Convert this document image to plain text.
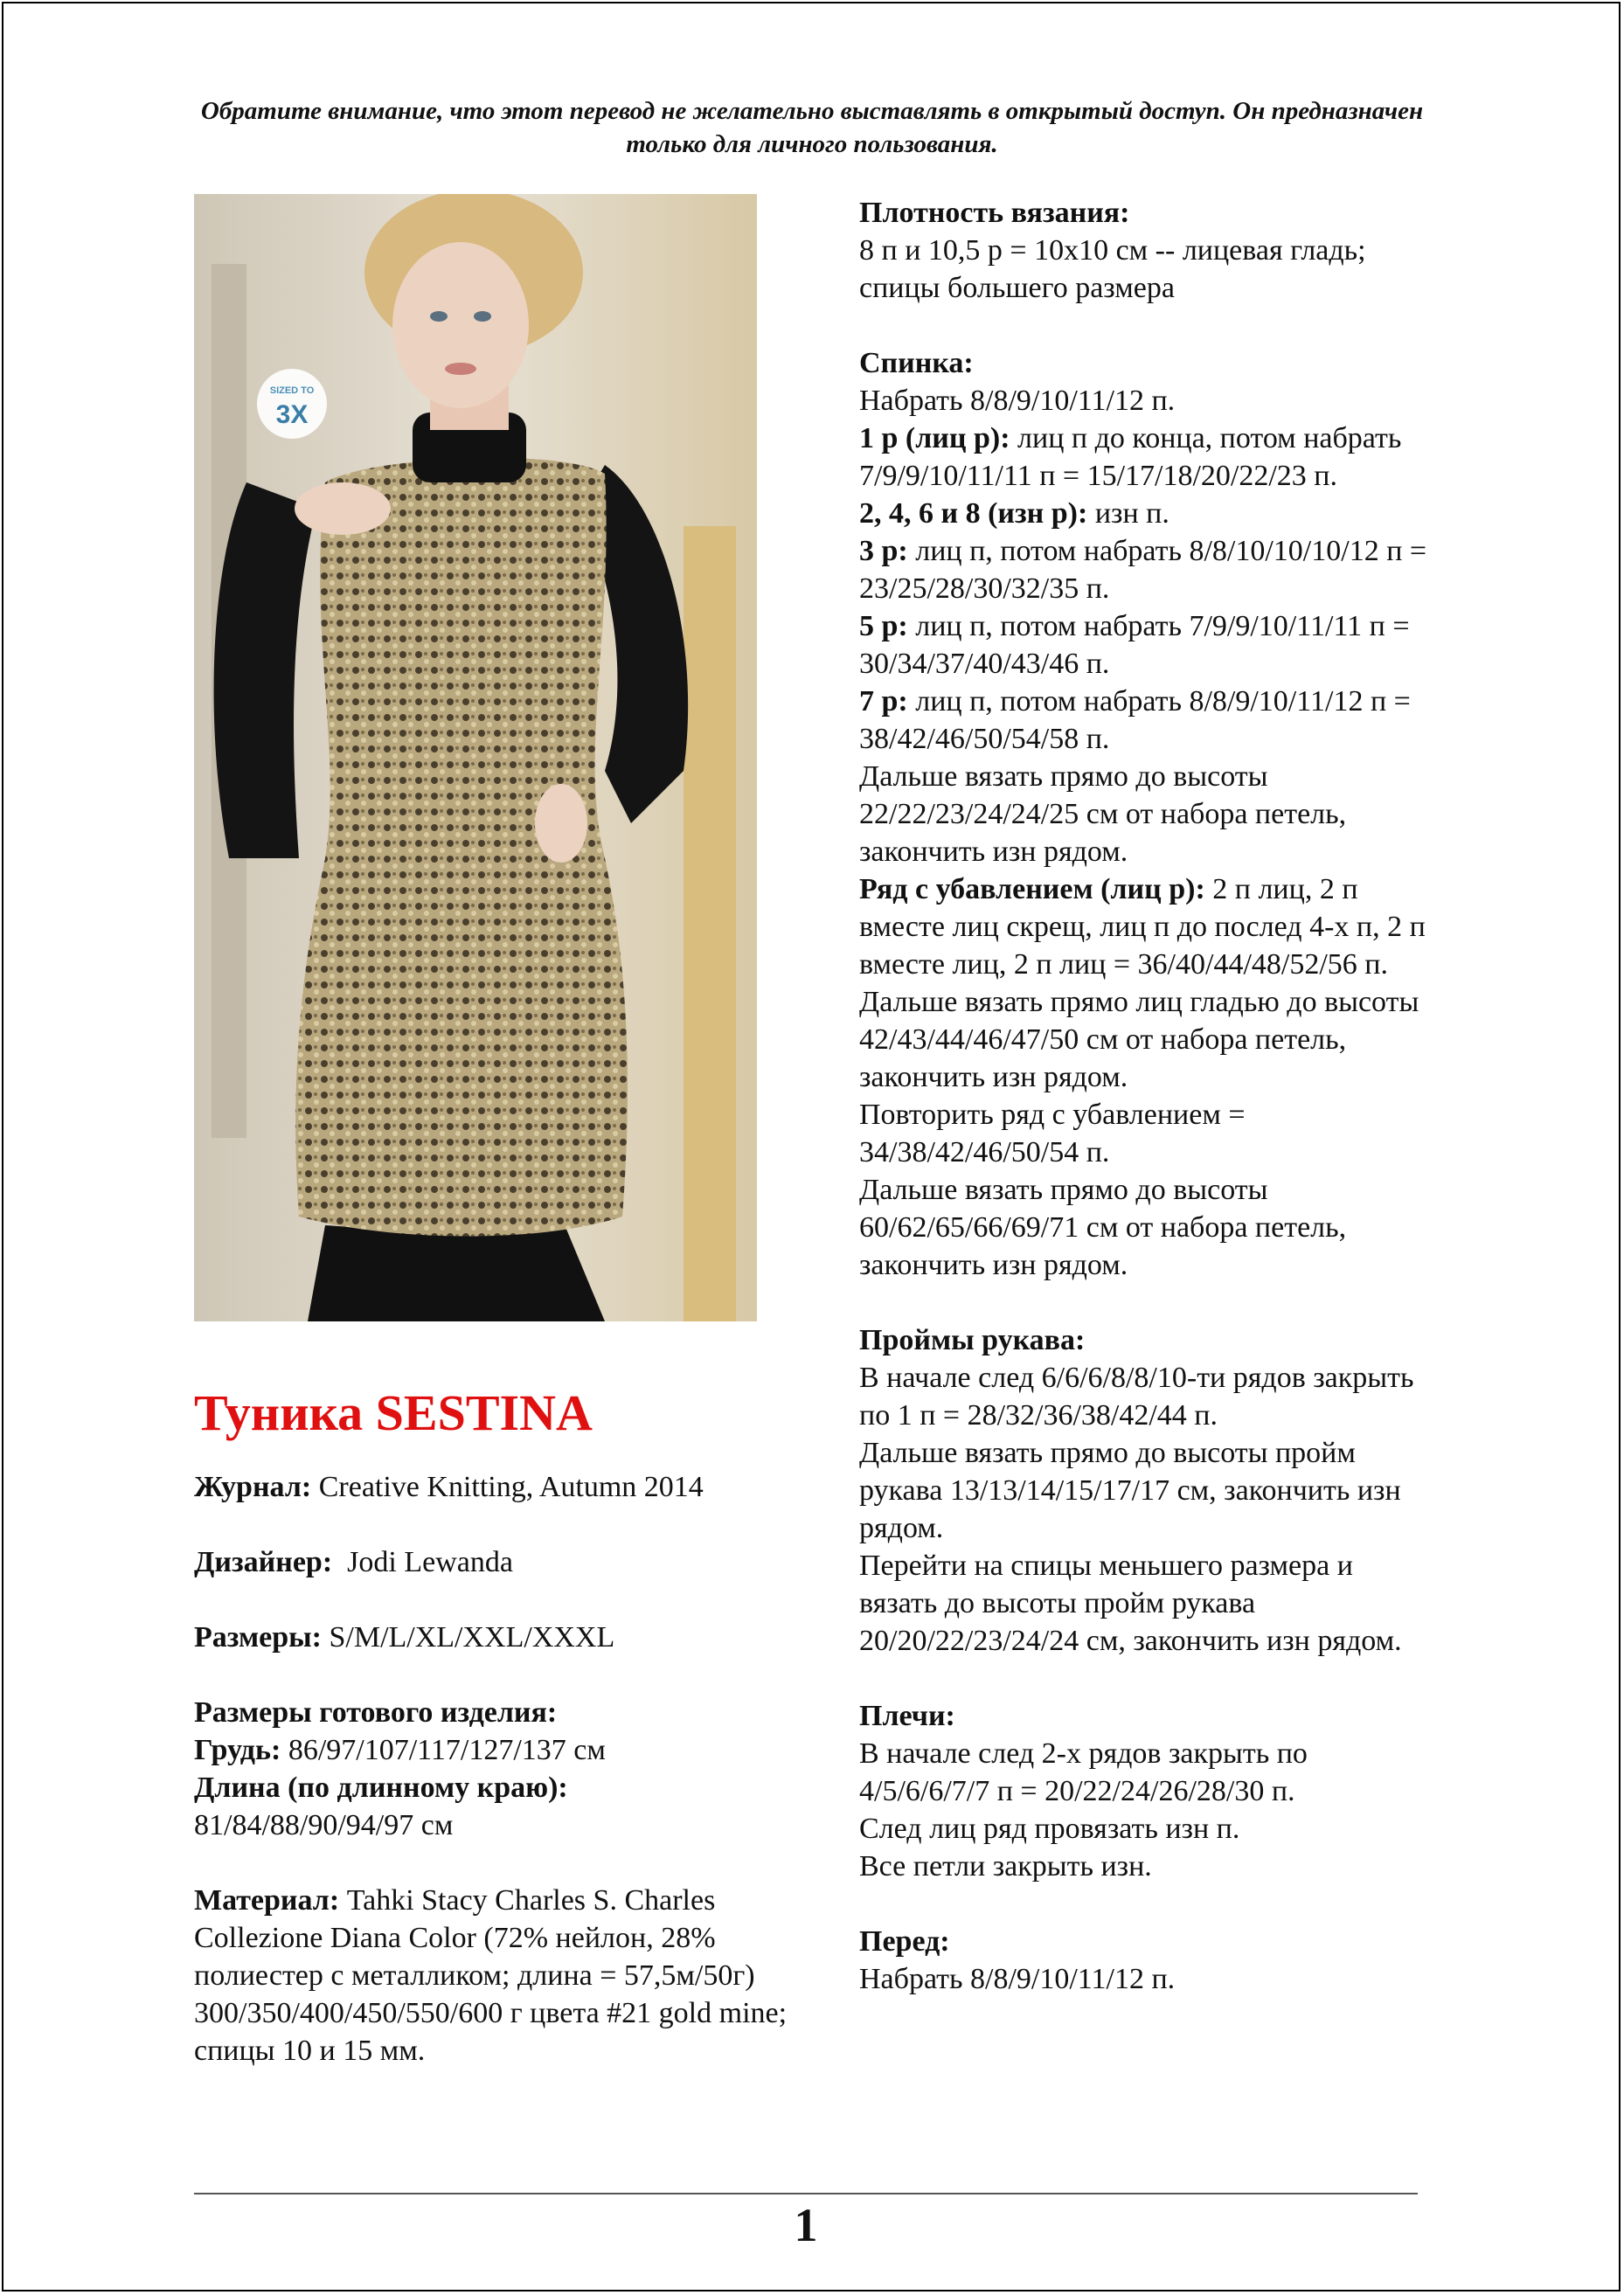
Обратите внимание, что этот перевод не желательно выставлять в открытый доступ. Он предназначен только для личного пользования.
SIZED TO
3X
Туника SESTINA

Журнал: Creative Knitting, Autumn 2014

Дизайнер:  Jodi Lewanda

Размеры: S/M/L/XL/XXL/XXXL

Размеры готового изделия:

Грудь: 86/97/107/117/127/137 см

Длина (по длинному краю):

81/84/88/90/94/97 см

Материал: Tahki Stacy Charles S. Charles Collezione Diana Color (72% нейлон, 28% полиестер с металликом; длина = 57,5м/50г) 300/350/400/450/550/600 г цвета #21 gold mine; спицы 10 и 15 мм.

Плотность вязания:

8 п и 10,5 р = 10х10 см -- лицевая гладь; спицы большего размера

Спинка:

Набрать 8/8/9/10/11/12 п.

1 р (лиц р): лиц п до конца, потом набрать 7/9/9/10/11/11 п = 15/17/18/20/22/23 п.

2, 4, 6 и 8 (изн р): изн п.

3 р: лиц п, потом набрать 8/8/10/10/10/12 п = 23/25/28/30/32/35 п.

5 р: лиц п, потом набрать 7/9/9/10/11/11 п = 30/34/37/40/43/46 п.

7 р: лиц п, потом набрать 8/8/9/10/11/12 п = 38/42/46/50/54/58 п.

Дальше вязать прямо до высоты 22/22/23/24/24/25 см от набора петель, закончить изн рядом.

Ряд с убавлением (лиц р): 2 п лиц, 2 п вместе лиц скрещ, лиц п до послед 4-х п, 2 п вместе лиц, 2 п лиц = 36/40/44/48/52/56 п.

Дальше вязать прямо лиц гладью до высоты 42/43/44/46/47/50 см от набора петель, закончить изн рядом.

Повторить ряд с убавлением = 34/38/42/46/50/54 п.

Дальше вязать прямо до высоты 60/62/65/66/69/71 см от набора петель, закончить изн рядом.

Проймы рукава:

В начале след 6/6/6/8/8/10-ти рядов закрыть по 1 п = 28/32/36/38/42/44 п.

Дальше вязать прямо до высоты пройм рукава 13/13/14/15/17/17 см, закончить изн рядом.

Перейти на спицы меньшего размера и вязать до высоты пройм рукава 20/20/22/23/24/24 см, закончить изн рядом.

Плечи:

В начале след 2-х рядов закрыть по 4/5/6/6/7/7 п = 20/22/24/26/28/30 п.

След лиц ряд провязать изн п.

Все петли закрыть изн.

Перед:

Набрать 8/8/9/10/11/12 п.

1
